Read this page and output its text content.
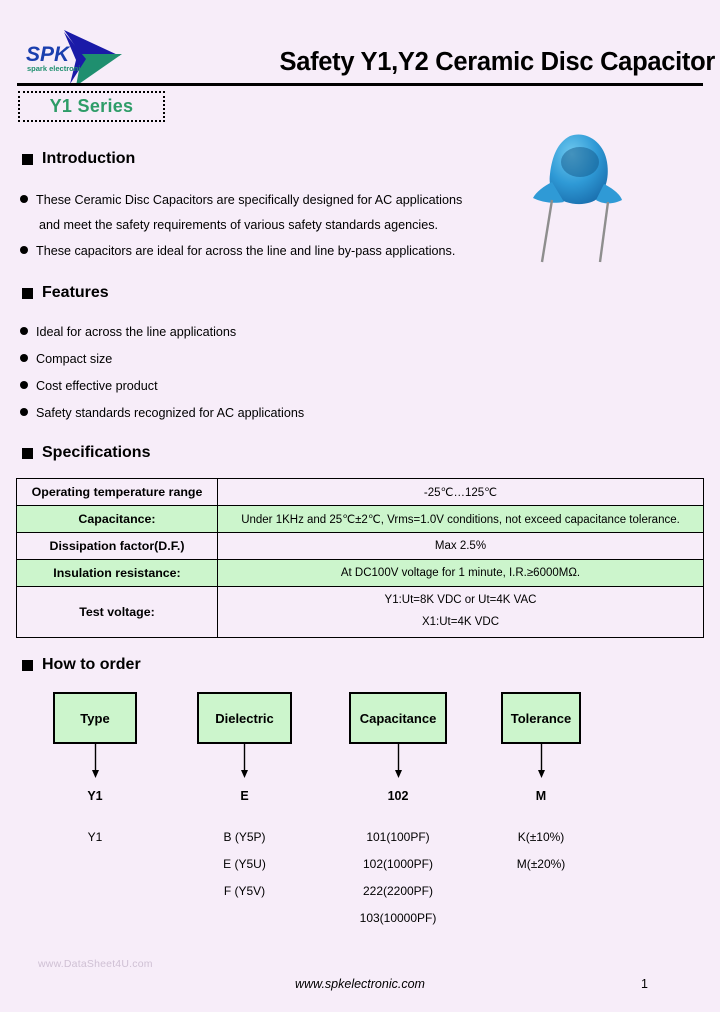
SPK
spark electronic	Safety Y1,Y2 Ceramic Disc Capacitor
Y1 Series
Introduction
These Ceramic Disc Capacitors are specifically designed for AC applications
and meet the safety requirements of various safety standards agencies.
These capacitors are ideal for across the line and line by-pass applications.
Features
Ideal for across the line applications
Compact size
Cost effective product
Safety standards recognized for AC applications
Specifications
Operating temperature range	-25℃…125℃
Capacitance:	Under 1KHz and 25℃±2℃, Vrms=1.0V conditions, not exceed capacitance tolerance.
Dissipation factor(D.F.)	Max 2.5%
Insulation resistance:	At DC100V voltage for 1 minute, I.R.≥6000MΩ.
Test voltage:	Y1:Ut=8K VDC or Ut=4K VAC
X1:Ut=4K VDC
How to order
Type
Y1
Y1
Dielectric
E
B (Y5P)
E (Y5U)
F (Y5V)
Capacitance
102
101(100PF)
102(1000PF)
222(2200PF)
103(10000PF)
Tolerance
M
K(±10%)
M(±20%)
www.DataSheet4U.com
www.spkelectronic.com	1
